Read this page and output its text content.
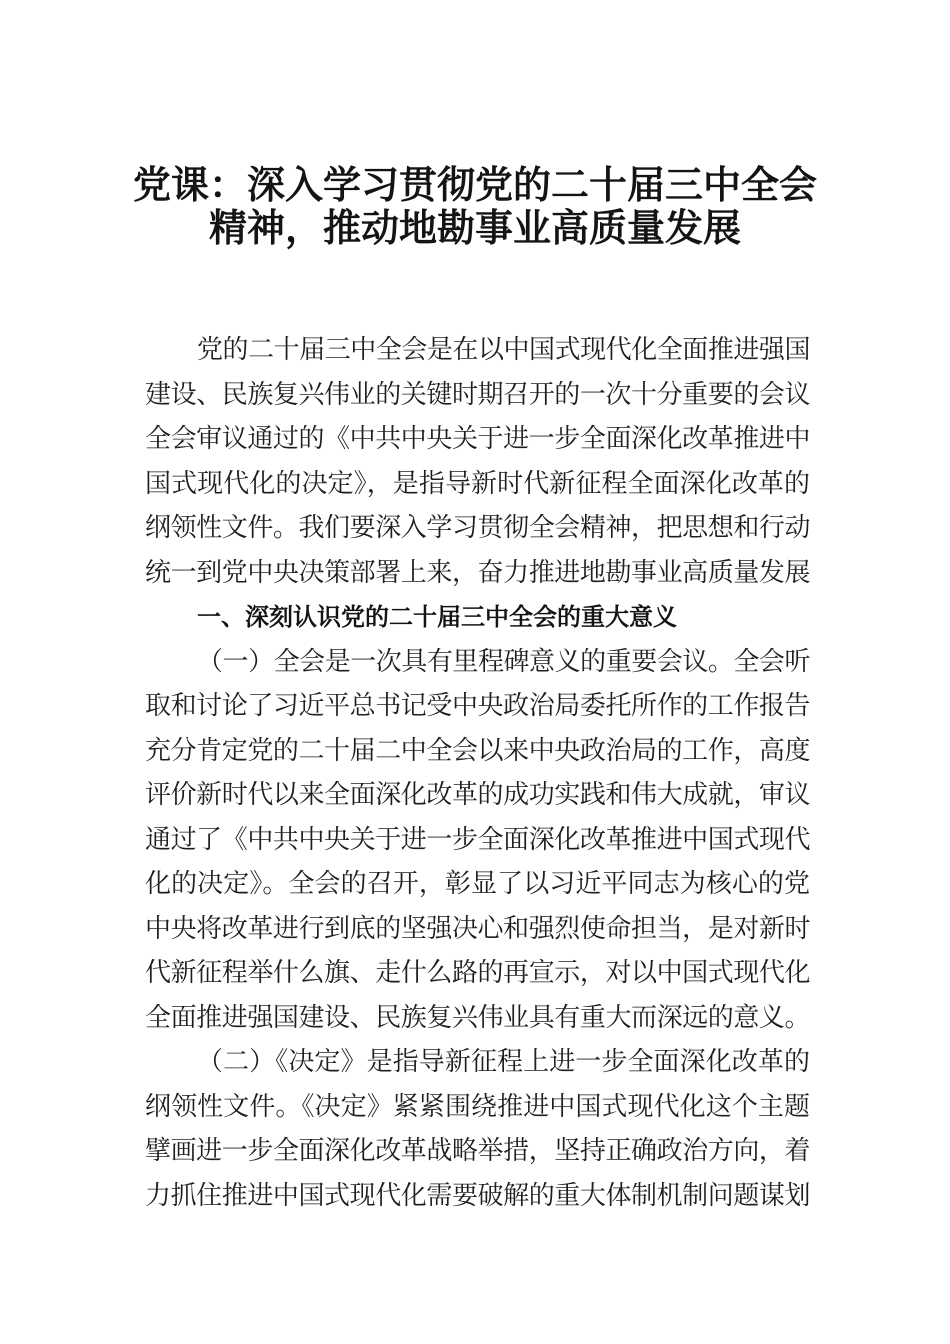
党课：深入学习贯彻党的二十届三中全会
精神，推动地勘事业高质量发展
党的二十届三中全会是在以中国式现代化全面推进强国
建设、民族复兴伟业的关键时期召开的一次十分重要的会议
全会审议通过的《中共中央关于进一步全面深化改革推进中
国式现代化的决定》，是指导新时代新征程全面深化改革的
纲领性文件。我们要深入学习贯彻全会精神，把思想和行动
统一到党中央决策部署上来，奋力推进地勘事业高质量发展
一、深刻认识党的二十届三中全会的重大意义
（一）全会是一次具有里程碑意义的重要会议。全会听
取和讨论了习近平总书记受中央政治局委托所作的工作报告
充分肯定党的二十届二中全会以来中央政治局的工作，高度
评价新时代以来全面深化改革的成功实践和伟大成就，审议
通过了《中共中央关于进一步全面深化改革推进中国式现代
化的决定》。全会的召开，彰显了以习近平同志为核心的党
中央将改革进行到底的坚强决心和强烈使命担当，是对新时
代新征程举什么旗、走什么路的再宣示，对以中国式现代化
全面推进强国建设、民族复兴伟业具有重大而深远的意义。
（二）《决定》是指导新征程上进一步全面深化改革的
纲领性文件。《决定》紧紧围绕推进中国式现代化这个主题
擘画进一步全面深化改革战略举措，坚持正确政治方向，着
力抓住推进中国式现代化需要破解的重大体制机制问题谋划
